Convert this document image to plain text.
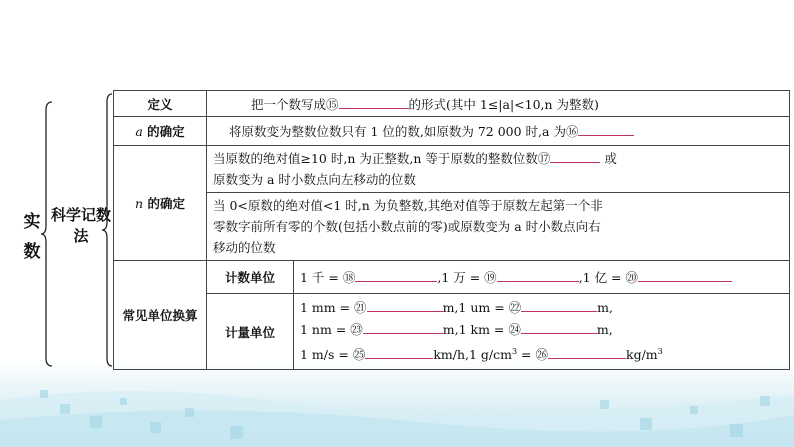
实数
科学记数法
定义	把一个数写成⑮ 的形式(其中 1≤|a|<10,n 为整数)	
a 的确定	将原数变为整数位数只有 1 位的数,如原数为 72 000 时,a 为⑯	
n 的确定	当原数的绝对值≥10 时,n 为正整数,n 等于原数的整数位数⑰ 或
原数变为 a 时小数点向左移动的位数	
	当 0<原数的绝对值<1 时,n 为负整数,其绝对值等于原数左起第一个非
零数字前所有零的个数(包括小数点前的零)或原数变为 a 时小数点向右
移动的位数	
常见单位换算	计数单位	1 千 = ⑱ ,1 万 = ⑲ ,1 亿 = ⑳
	计量单位	1 mm = ㉑ m,1 um = ㉒ m,
1 nm = ㉓ m,1 km = ㉔ m,
1 m/s = ㉕ km/h,1 $g/cm^3$ = ㉖ $kg/m^3$
